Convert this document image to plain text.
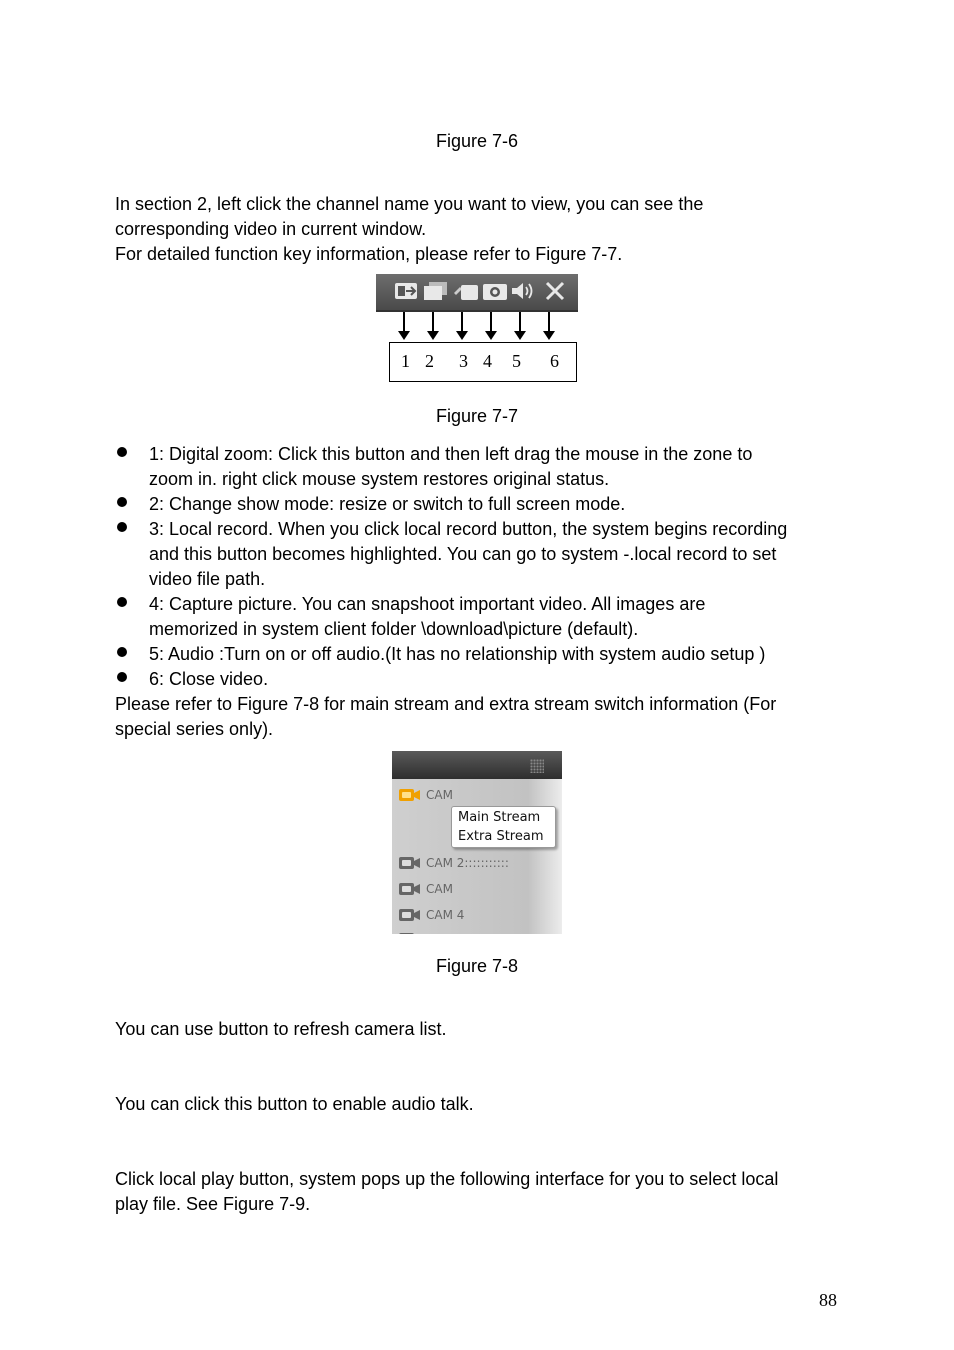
Figure 7-6
In section 2, left click the channel name you want to view, you can see the
corresponding video in current window.
For detailed function key information, please refer to Figure 7-7.
1 2 3 4 5 6
Figure 7-7
1: Digital zoom: Click this button and then left drag the mouse in the zone to
zoom in. right click mouse system restores original status.
2: Change show mode: resize or switch to full screen mode.
3: Local record. When you click local record button, the system begins recording
and this button becomes highlighted. You can go to system -.local record to set
video file path.
4: Capture picture. You can snapshoot important video. All images are
memorized in system client folder \download\picture (default).
5: Audio :Turn on or off audio.(It has no relationship with system audio setup )
6: Close video.
Please refer to Figure 7-8 for main stream and extra stream switch information (For
special series only).
CAM
Main Stream
Extra Stream
CAM 2:::::::::::
CAM
CAM 4
Figure 7-8
You can use button to refresh camera list.
You can click this button to enable audio talk.
Click local play button, system pops up the following interface for you to select local
play file. See Figure 7-9.
88
